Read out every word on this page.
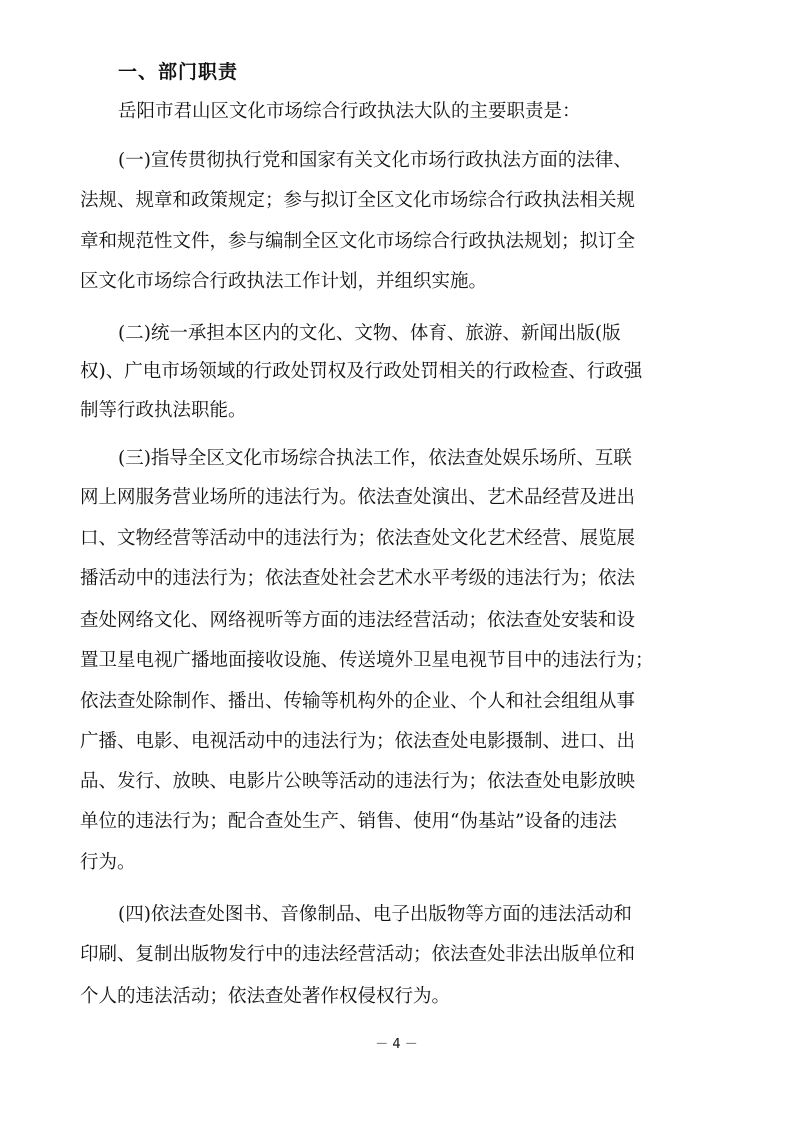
一、部门职责

岳阳市君山区文化市场综合行政执法大队的主要职责是：

(一)宣传贯彻执行党和国家有关文化市场行政执法方面的法律、

法规、规章和政策规定；参与拟订全区文化市场综合行政执法相关规

章和规范性文件，参与编制全区文化市场综合行政执法规划；拟订全

区文化市场综合行政执法工作计划，并组织实施。

(二)统一承担本区内的文化、文物、体育、旅游、新闻出版(版

权)、广电市场领域的行政处罚权及行政处罚相关的行政检查、行政强

制等行政执法职能。

(三)指导全区文化市场综合执法工作，依法查处娱乐场所、互联

网上网服务营业场所的违法行为。依法查处演出、艺术品经营及进出

口、文物经营等活动中的违法行为；依法查处文化艺术经营、展览展

播活动中的违法行为；依法查处社会艺术水平考级的违法行为；依法

查处网络文化、网络视听等方面的违法经营活动；依法查处安装和设

置卫星电视广播地面接收设施、传送境外卫星电视节目中的违法行为；

依法查处除制作、播出、传输等机构外的企业、个人和社会组组从事

广播、电影、电视活动中的违法行为；依法查处电影摄制、进口、出

品、发行、放映、电影片公映等活动的违法行为；依法查处电影放映

单位的违法行为；配合查处生产、销售、使用“伪基站”设备的违法

行为。

(四)依法查处图书、音像制品、电子出版物等方面的违法活动和

印刷、复制出版物发行中的违法经营活动；依法查处非法出版单位和

个人的违法活动；依法查处著作权侵权行为。

－ 4 －
